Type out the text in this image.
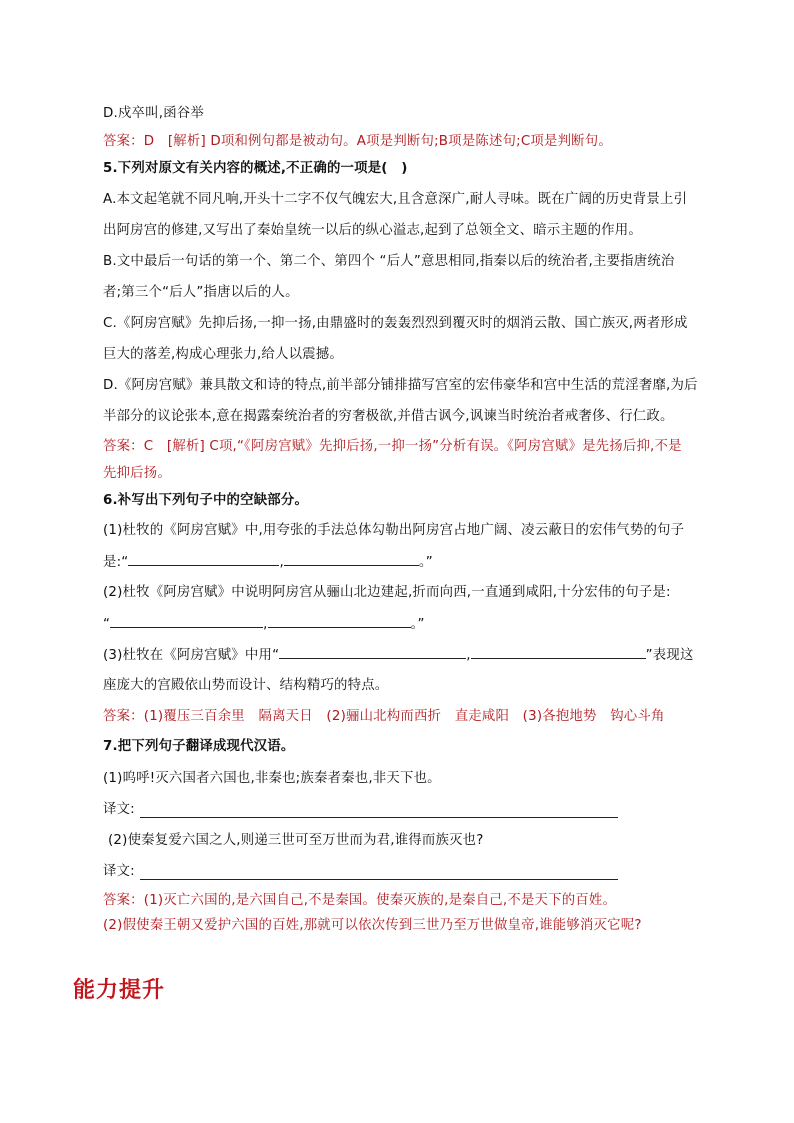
D.戍卒叫,函谷举
答案：D　[解析] D项和例句都是被动句。A项是判断句;B项是陈述句;C项是判断句。
5.下列对原文有关内容的概述,不正确的一项是(　)
A.本文起笔就不同凡响,开头十二字不仅气魄宏大,且含意深广,耐人寻味。既在广阔的历史背景上引
出阿房宫的修建,又写出了秦始皇统一以后的纵心溢志,起到了总领全文、暗示主题的作用。
B.文中最后一句话的第一个、第二个、第四个 “后人”意思相同,指秦以后的统治者,主要指唐统治
者;第三个“后人”指唐以后的人。
C.《阿房宫赋》先抑后扬,一抑一扬,由鼎盛时的轰轰烈烈到覆灭时的烟消云散、国亡族灭,两者形成
巨大的落差,构成心理张力,给人以震撼。
D.《阿房宫赋》兼具散文和诗的特点,前半部分铺排描写宫室的宏伟豪华和宫中生活的荒淫奢靡,为后
半部分的议论张本,意在揭露秦统治者的穷奢极欲,并借古讽今,讽谏当时统治者戒奢侈、行仁政。
答案：C　[解析] C项,“《阿房宫赋》先抑后扬,一抑一扬”分析有误。《阿房宫赋》是先扬后抑,不是
先抑后扬。
6.补写出下列句子中的空缺部分。
(1)杜牧的《阿房宫赋》中,用夸张的手法总体勾勒出阿房宫占地广阔、凌云蔽日的宏伟气势的句子
是:“	,	。”
(2)杜牧《阿房宫赋》中说明阿房宫从骊山北边建起,折而向西,一直通到咸阳,十分宏伟的句子是:
“	,	。”
(3)杜牧在《阿房宫赋》中用“	,	”表现这
座庞大的宫殿依山势而设计、结构精巧的特点。
答案：(1)覆压三百余里　隔离天日　(2)骊山北构而西折　直走咸阳　(3)各抱地势　钩心斗角
7.把下列句子翻译成现代汉语。
(1)呜呼!灭六国者六国也,非秦也;族秦者秦也,非天下也。
译文:
(2)使秦复爱六国之人,则递三世可至万世而为君,谁得而族灭也?
译文:
答案：(1)灭亡六国的,是六国自己,不是秦国。使秦灭族的,是秦自己,不是天下的百姓。
(2)假使秦王朝又爱护六国的百姓,那就可以依次传到三世乃至万世做皇帝,谁能够消灭它呢?
能力提升
